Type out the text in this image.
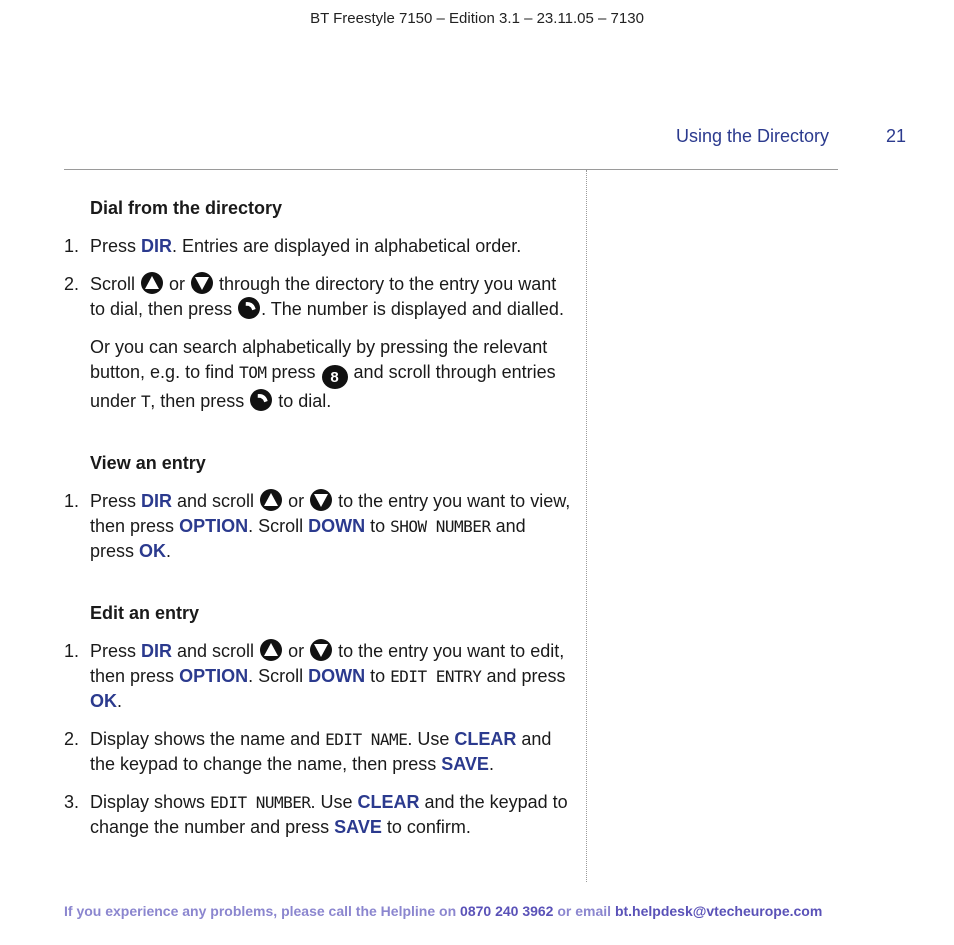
BT Freestyle 7150 – Edition 3.1 – 23.11.05 – 7130
Using the Directory	21
Dial from the directory
1. Press DIR. Entries are displayed in alphabetical order.
2. Scroll
or
through the directory to the entry you want to dial, then press
. The number is displayed and dialled.
Or you can search alphabetically by pressing the relevant button, e.g. to find TOM press 8 and scroll through entries under T, then press
to dial.
View an entry
1. Press DIR and scroll
or
to the entry you want to view, then press OPTION. Scroll DOWN to SHOW NUMBER and press OK.
Edit an entry
1. Press DIR and scroll
or
to the entry you want to edit, then press OPTION. Scroll DOWN to EDIT ENTRY and press OK.
2. Display shows the name and EDIT NAME. Use CLEAR and the keypad to change the name, then press SAVE.
3. Display shows EDIT NUMBER. Use CLEAR and the keypad to change the number and press SAVE to confirm.
If you experience any problems, please call the Helpline on 0870 240 3962 or email bt.helpdesk@vtecheurope.com
